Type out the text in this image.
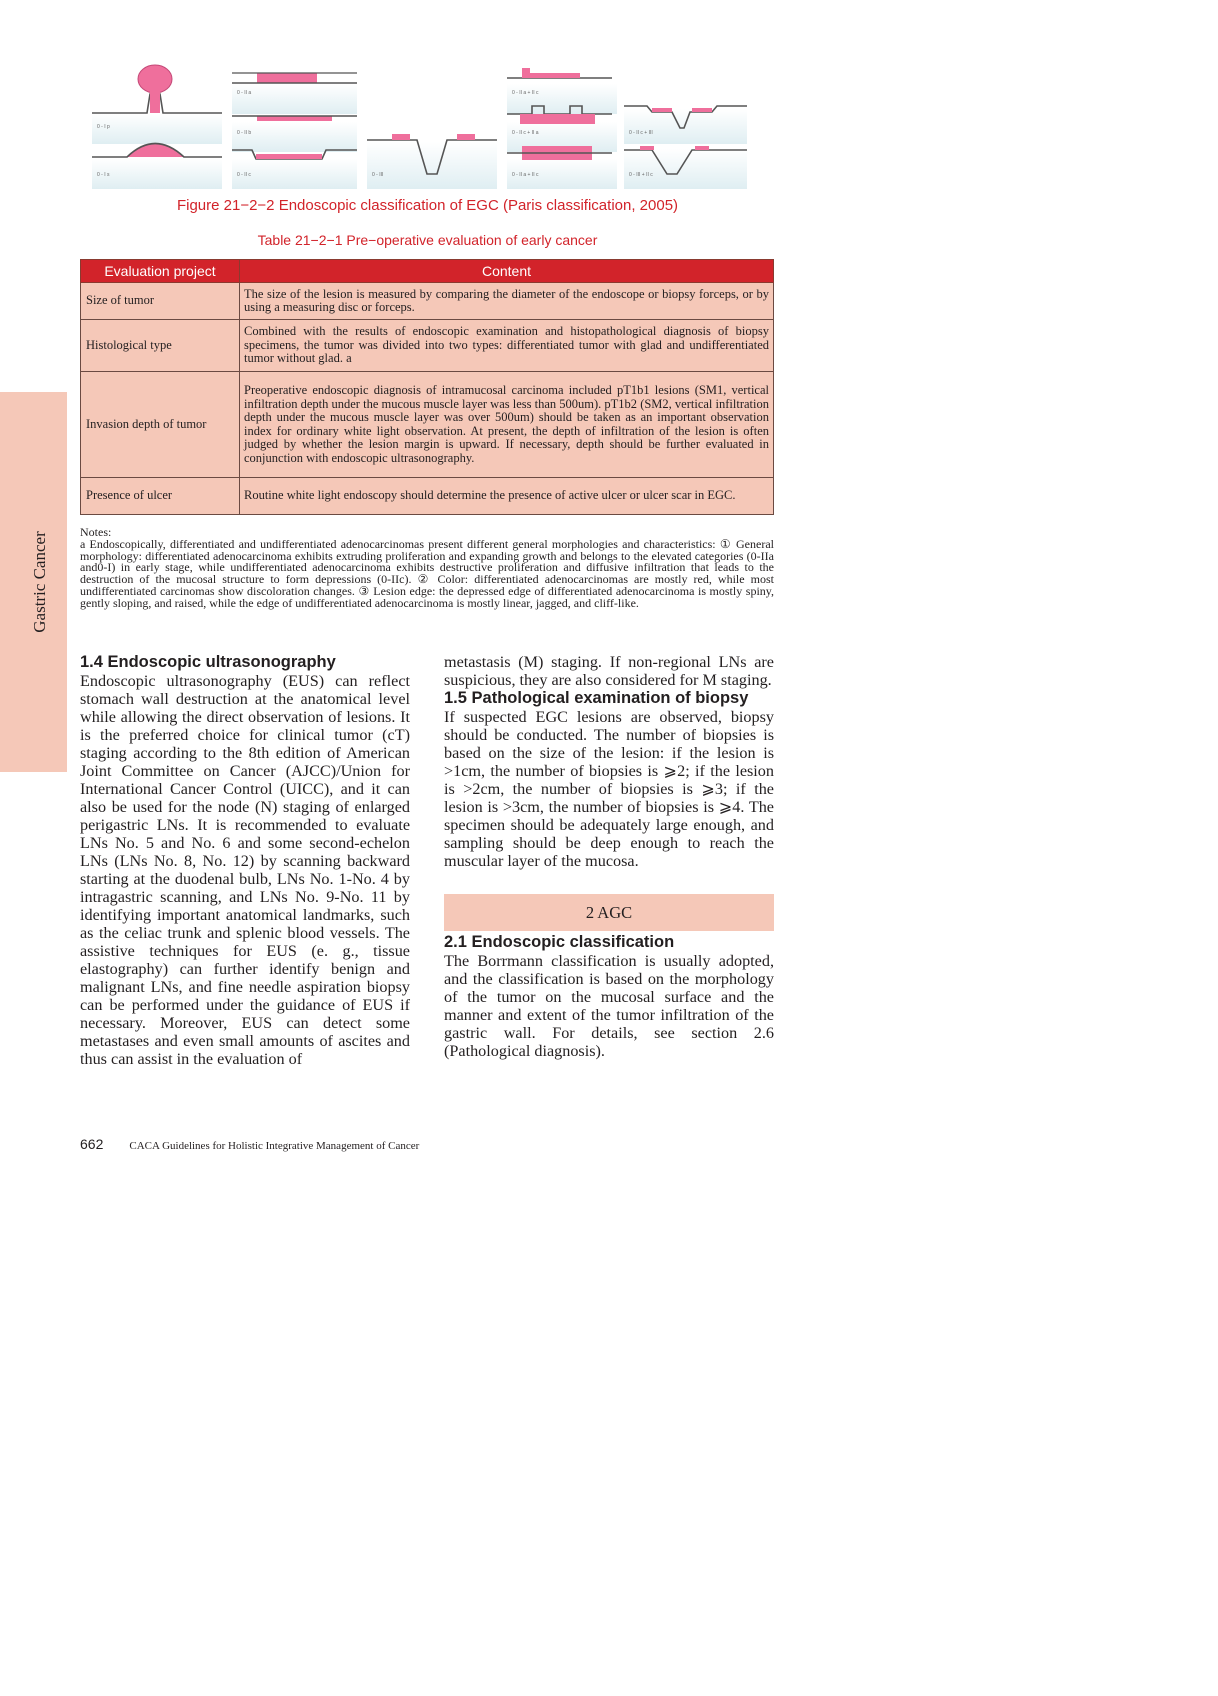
Gastric Cancer
0 - I p
0 - I s
0 - II a
0 - II b
0 - II c	0 - III
0 - II a + II c
0 - II c + II a
0 - II a + II c
0 - II c + III
0 - III + II c
Figure 21−2−2 Endoscopic classification of EGC (Paris classification, 2005)
Table 21−2−1 Pre−operative evaluation of early cancer
Evaluation project	Content
Size of tumor	The size of the lesion is measured by comparing the diameter of the endoscope or biopsy forceps, or by using a measuring disc or forceps.
Histological type	Combined with the results of endoscopic examination and histopathological diagnosis of biopsy specimens, the tumor was divided into two types: differentiated tumor with glad and undifferentiated tumor without glad. a
Invasion depth of tumor	Preoperative endoscopic diagnosis of intramucosal carcinoma included pT1b1 lesions (SM1, vertical infiltration depth under the mucous muscle layer was less than 500um). pT1b2 (SM2, vertical infiltration depth under the mucous muscle layer was over 500um) should be taken as an important observation index for ordinary white light observation. At present, the depth of infiltration of the lesion is often judged by whether the lesion margin is upward. If necessary, depth should be further evaluated in conjunction with endoscopic ultrasonography.
Presence of ulcer	Routine white light endoscopy should determine the presence of active ulcer or ulcer scar in EGC.

Notes:

a Endoscopically, differentiated and undifferentiated adenocarcinomas present different general morphologies and characteristics: ① General morphology: differentiated adenocarcinoma exhibits extruding proliferation and expanding growth and belongs to the elevated categories (0-IIa and0-I) in early stage, while undifferentiated adenocarcinoma exhibits destructive proliferation and diffusive infiltration that leads to the destruction of the mucosal structure to form depressions (0-IIc). ② Color: differentiated adenocarcinomas are mostly red, while most undifferentiated carcinomas show discoloration changes. ③ Lesion edge: the depressed edge of differentiated adenocarcinoma is mostly spiny, gently sloping, and raised, while the edge of undifferentiated adenocarcinoma is mostly linear, jagged, and cliff-like.

1.4 Endoscopic ultrasonography

Endoscopic ultrasonography (EUS) can reflect stomach wall destruction at the anatomical level while allowing the direct observation of lesions. It is the preferred choice for clinical tumor (cT) staging according to the 8th edition of American Joint Committee on Cancer (AJCC)/Union for International Cancer Control (UICC), and it can also be used for the node (N) staging of enlarged perigastric LNs. It is recommended to evaluate LNs No. 5 and No. 6 and some second-echelon LNs (LNs No. 8, No. 12) by scanning backward starting at the duodenal bulb, LNs No. 1-No. 4 by intragastric scanning, and LNs No. 9-No. 11 by identifying important anatomical landmarks, such as the celiac trunk and splenic blood vessels. The assistive techniques for EUS (e. g., tissue elastography) can further identify benign and malignant LNs, and fine needle aspiration biopsy can be performed under the guidance of EUS if necessary. Moreover, EUS can detect some metastases and even small amounts of ascites and thus can assist in the evaluation of

metastasis (M) staging. If non-regional LNs are suspicious, they are also considered for M staging.

1.5 Pathological examination of biopsy

If suspected EGC lesions are observed, biopsy should be conducted. The number of biopsies is based on the size of the lesion: if the lesion is >1cm, the number of biopsies is ⩾2; if the lesion is >2cm, the number of biopsies is ⩾3; if the lesion is >3cm, the number of biopsies is ⩾4. The specimen should be adequately large enough, and sampling should be deep enough to reach the muscular layer of the mucosa.

2 AGC
2.1 Endoscopic classification

The Borrmann classification is usually adopted, and the classification is based on the morphology of the tumor on the mucosal surface and the manner and extent of the tumor infiltration of the gastric wall. For details, see section 2.6 (Pathological diagnosis).

662 CACA Guidelines for Holistic Integrative Management of Cancer
